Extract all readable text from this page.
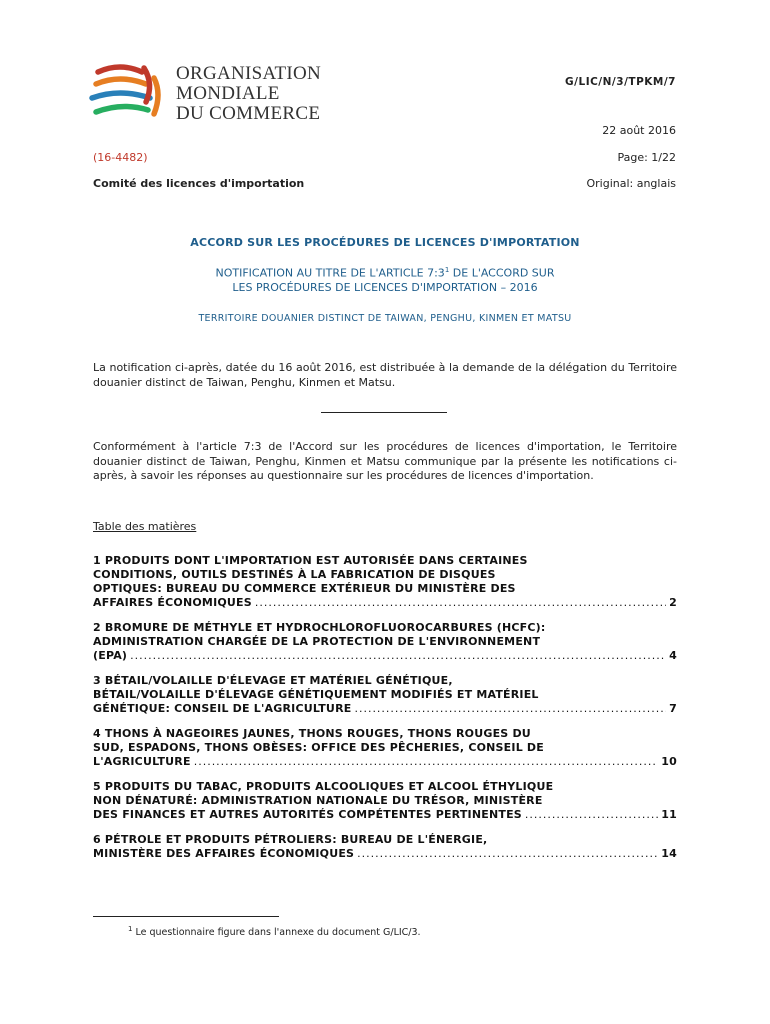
ORGANISATION
MONDIALE
DU COMMERCE
G/LIC/N/3/TPKM/7
22 août 2016
(16-4482)	Page: 1/22
Comité des licences d'importation	Original: anglais
ACCORD SUR LES PROCÉDURES DE LICENCES D'IMPORTATION
NOTIFICATION AU TITRE DE L'ARTICLE $7:3^1$ DE L'ACCORD SUR
LES PROCÉDURES DE LICENCES D'IMPORTATION – 2016
TERRITOIRE DOUANIER DISTINCT DE TAIWAN, PENGHU, KINMEN ET MATSU
La notification ci-après, datée du 16 août 2016, est distribuée à la demande de la délégation du Territoire douanier distinct de Taiwan, Penghu, Kinmen et Matsu.
Conformément à l'article 7:3 de l'Accord sur les procédures de licences d'importation, le Territoire douanier distinct de Taiwan, Penghu, Kinmen et Matsu communique par la présente les notifications ci-après, à savoir les réponses au questionnaire sur les procédures de licences d'importation.
Table des matières
1 PRODUITS DONT L'IMPORTATION EST AUTORISÉE DANS CERTAINES
CONDITIONS, OUTILS DESTINÉS À LA FABRICATION DE DISQUES
OPTIQUES: BUREAU DU COMMERCE EXTÉRIEUR DU MINISTÈRE DES
AFFAIRES ÉCONOMIQUES .....	2
2 BROMURE DE MÉTHYLE ET HYDROCHLOROFLUOROCARBURES (HCFC):
ADMINISTRATION CHARGÉE DE LA PROTECTION DE L'ENVIRONNEMENT
(EPA) .....	4
3 BÉTAIL/VOLAILLE D'ÉLEVAGE ET MATÉRIEL GÉNÉTIQUE,
BÉTAIL/VOLAILLE D'ÉLEVAGE GÉNÉTIQUEMENT MODIFIÉS ET MATÉRIEL
GÉNÉTIQUE: CONSEIL DE L'AGRICULTURE .....	7
4 THONS À NAGEOIRES JAUNES, THONS ROUGES, THONS ROUGES DU
SUD, ESPADONS, THONS OBÈSES: OFFICE DES PÊCHERIES, CONSEIL DE
L'AGRICULTURE .....	10
5 PRODUITS DU TABAC, PRODUITS ALCOOLIQUES ET ALCOOL ÉTHYLIQUE
NON DÉNATURÉ: ADMINISTRATION NATIONALE DU TRÉSOR, MINISTÈRE
DES FINANCES ET AUTRES AUTORITÉS COMPÉTENTES PERTINENTES .....	11
6 PÉTROLE ET PRODUITS PÉTROLIERS: BUREAU DE L'ÉNERGIE,
MINISTÈRE DES AFFAIRES ÉCONOMIQUES .....	14
$^1$ Le questionnaire figure dans l'annexe du document G/LIC/3.
